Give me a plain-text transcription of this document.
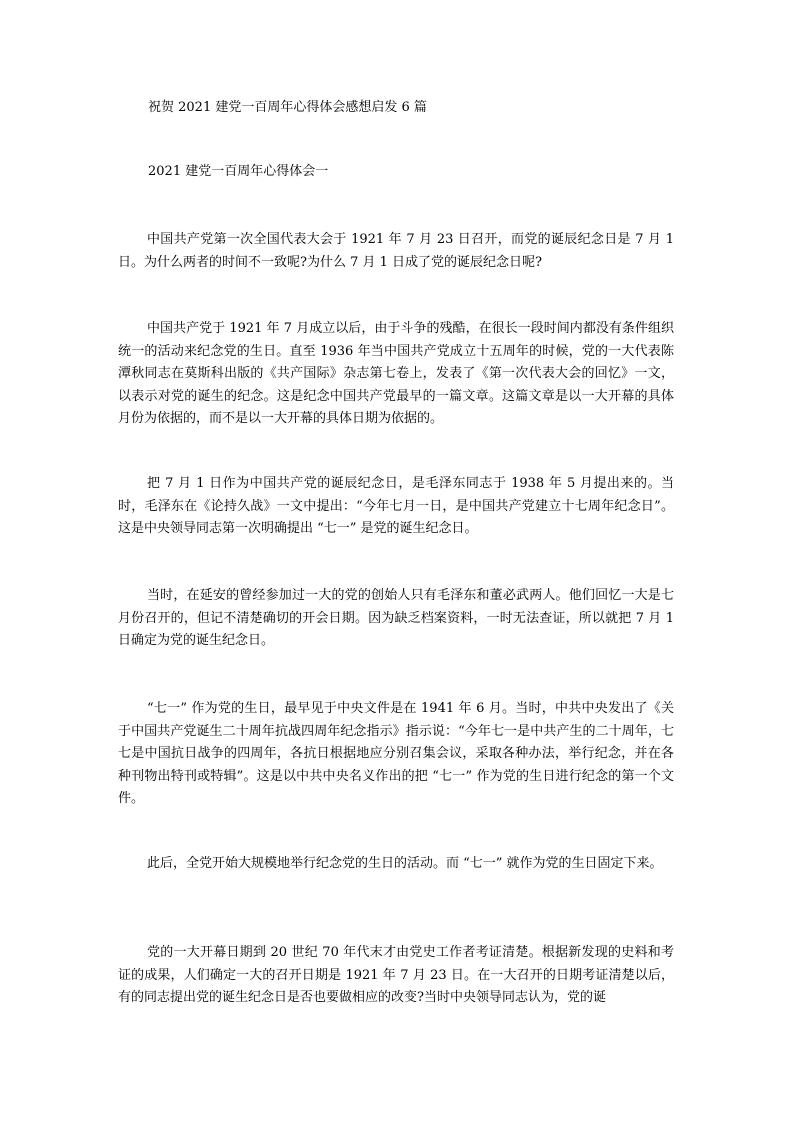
祝贺 2021 建党一百周年心得体会感想启发 6 篇
2021 建党一百周年心得体会一

中国共产党第一次全国代表大会于 1921 年 7 月 23 日召开，而党的诞辰纪念日是 7 月 1 日。为什么两者的时间不一致呢?为什么 7 月 1 日成了党的诞辰纪念日呢?

中国共产党于 1921 年 7 月成立以后，由于斗争的残酷，在很长一段时间内都没有条件组织统一的活动来纪念党的生日。直至 1936 年当中国共产党成立十五周年的时候，党的一大代表陈潭秋同志在莫斯科出版的《共产国际》杂志第七卷上，发表了《第一次代表大会的回忆》一文，以表示对党的诞生的纪念。这是纪念中国共产党最早的一篇文章。这篇文章是以一大开幕的具体月份为依据的，而不是以一大开幕的具体日期为依据的。

把 7 月 1 日作为中国共产党的诞辰纪念日，是毛泽东同志于 1938 年 5 月提出来的。当时，毛泽东在《论持久战》一文中提出：“今年七月一日，是中国共产党建立十七周年纪念日”。这是中央领导同志第一次明确提出 “七一” 是党的诞生纪念日。

当时，在延安的曾经参加过一大的党的创始人只有毛泽东和董必武两人。他们回忆一大是七月份召开的，但记不清楚确切的开会日期。因为缺乏档案资料，一时无法查证，所以就把 7 月 1 日确定为党的诞生纪念日。

“七一” 作为党的生日，最早见于中央文件是在 1941 年 6 月。当时，中共中央发出了《关于中国共产党诞生二十周年抗战四周年纪念指示》指示说：“今年七一是中共产生的二十周年，七七是中国抗日战争的四周年，各抗日根据地应分别召集会议，采取各种办法，举行纪念，并在各种刊物出特刊或特辑”。这是以中共中央名义作出的把 “七一” 作为党的生日进行纪念的第一个文件。

此后，全党开始大规模地举行纪念党的生日的活动。而 “七一” 就作为党的生日固定下来。

党的一大开幕日期到 20 世纪 70 年代末才由党史工作者考证清楚。根据新发现的史料和考证的成果，人们确定一大的召开日期是 1921 年 7 月 23 日。在一大召开的日期考证清楚以后，有的同志提出党的诞生纪念日是否也要做相应的改变?当时中央领导同志认为，党的诞
